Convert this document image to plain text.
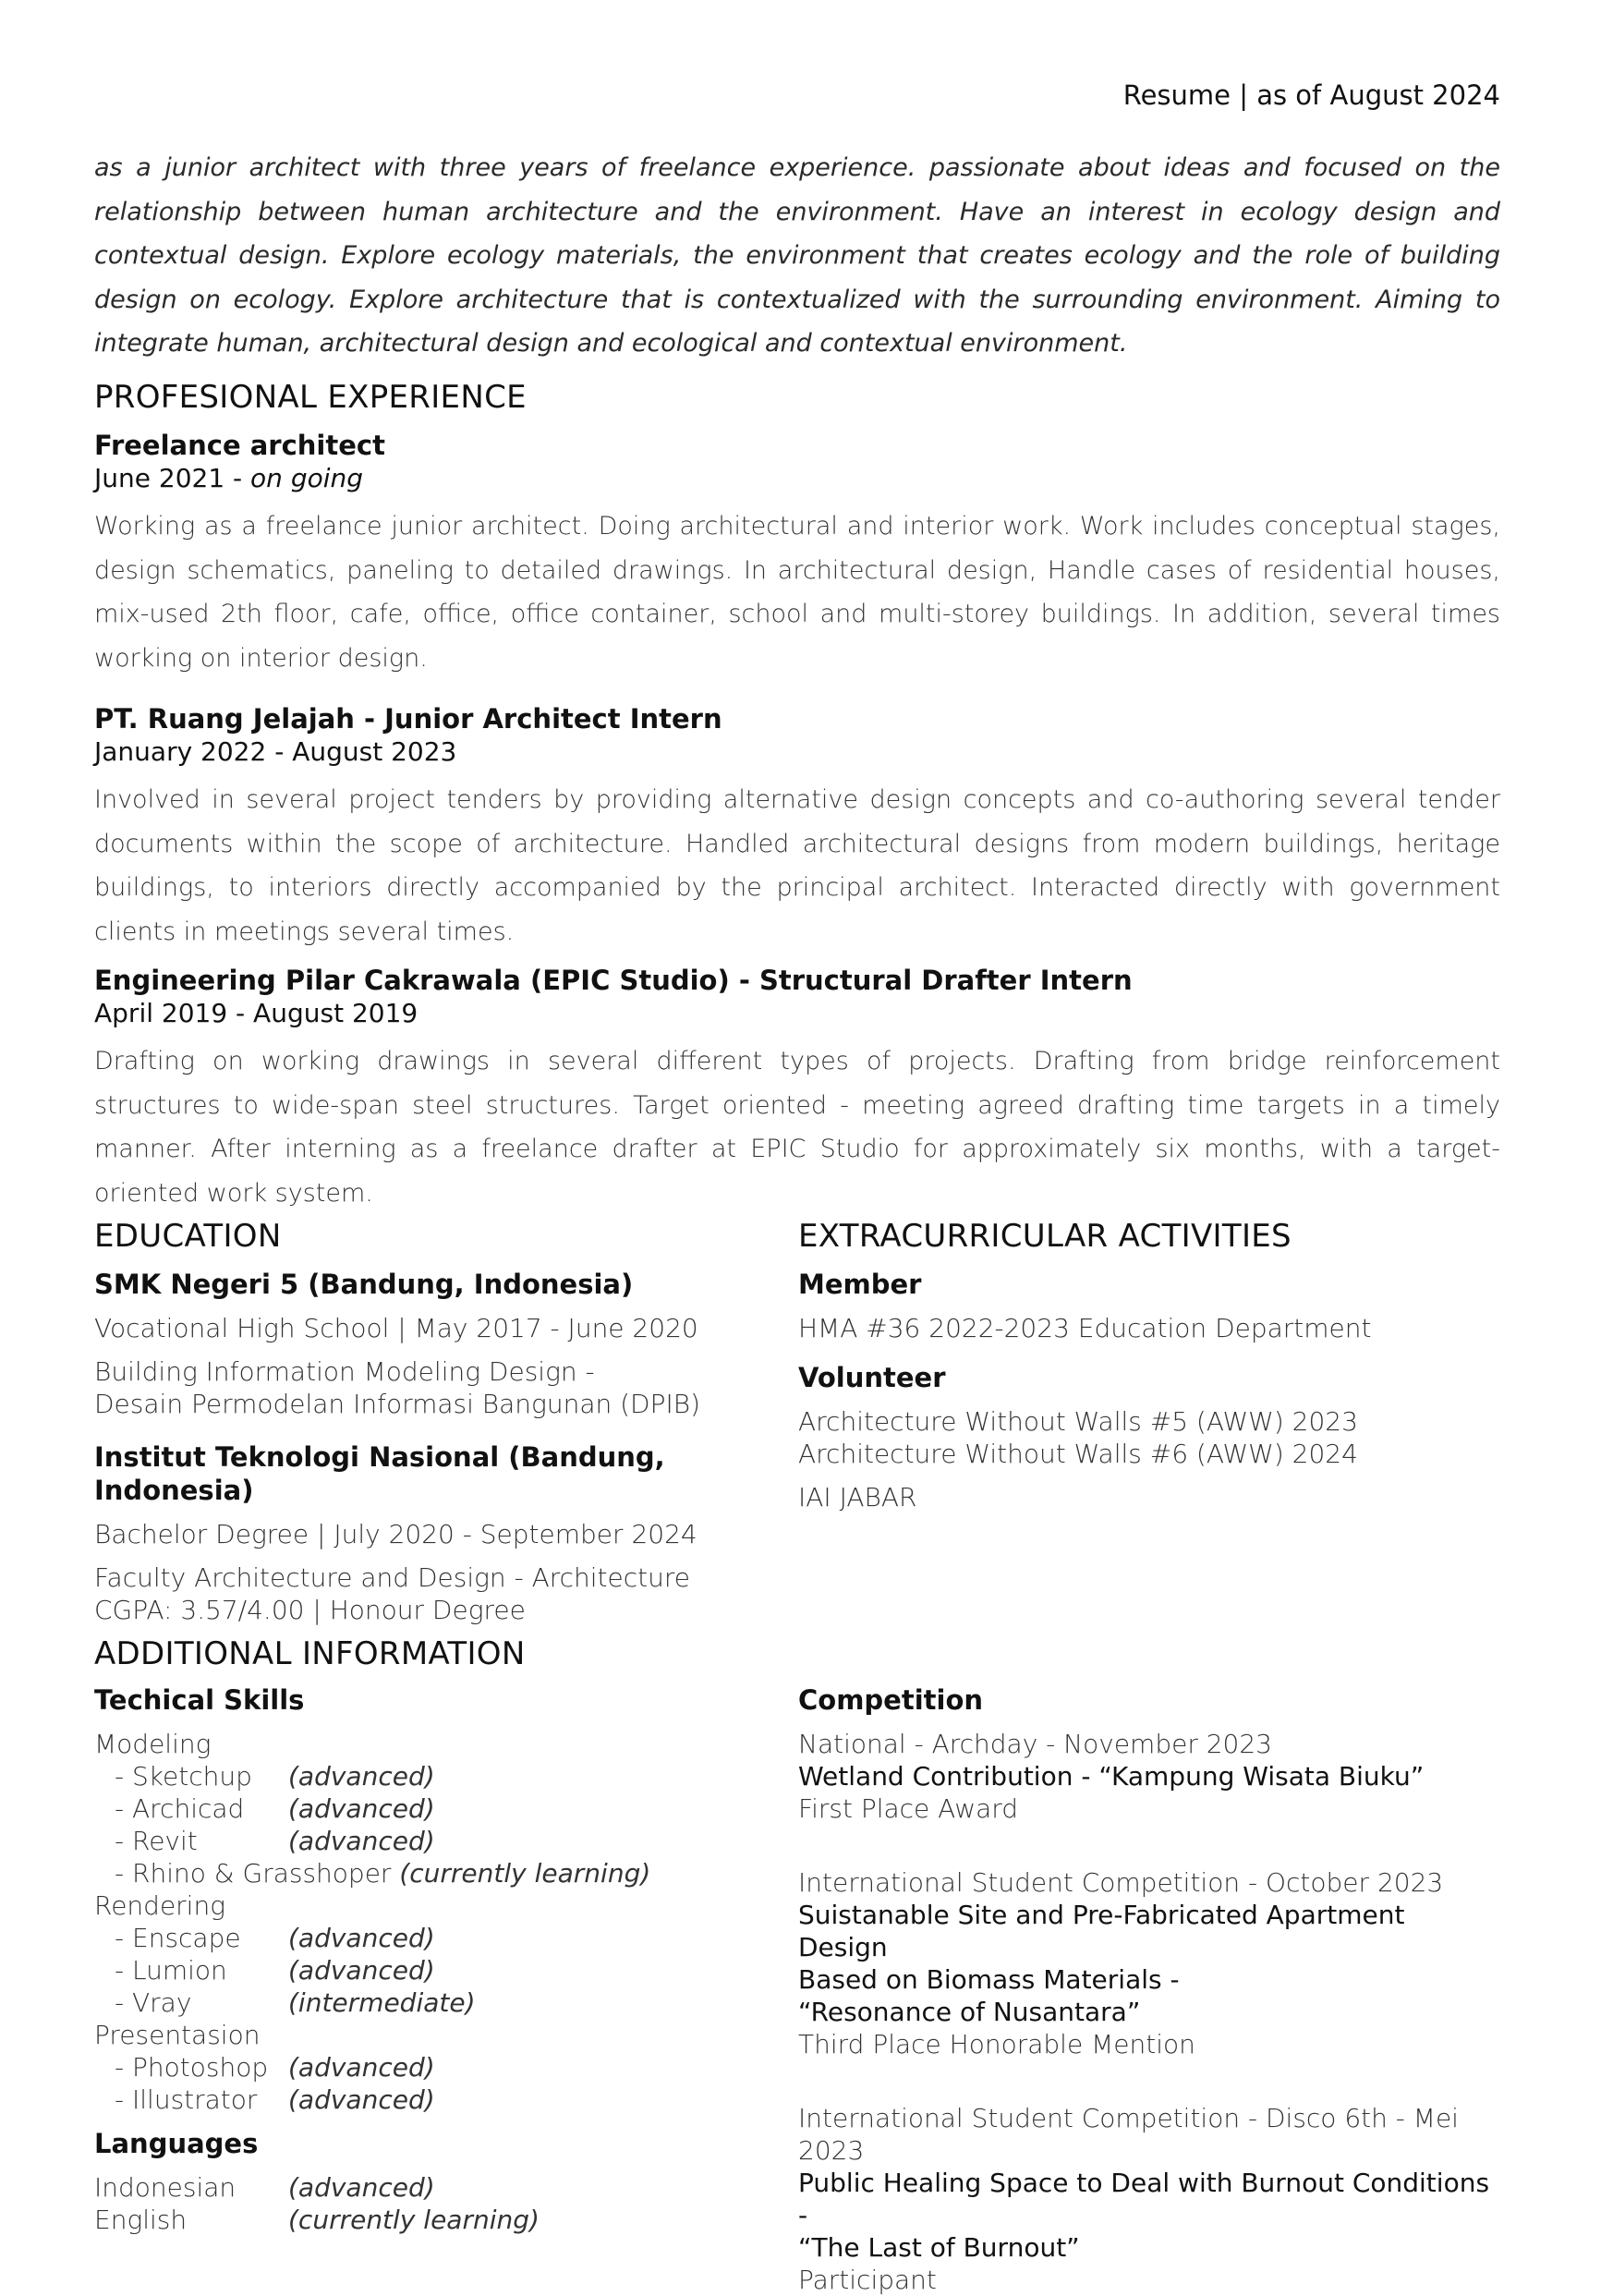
Resume | as of August 2024

as a junior architect with three years of freelance experience. passionate about ideas and focused on the relationship between human architecture and the environment. Have an interest in ecology design and contextual design. Explore ecology materials, the environment that creates ecology and the role of building design on ecology. Explore architecture that is contextualized with the surrounding environment. Aiming to integrate human, architectural design and ecological and contextual environment.

PROFESIONAL EXPERIENCE

Freelance architect

June 2021 - on going

Working as a freelance junior architect. Doing architectural and interior work. Work includes conceptual stages, design schematics, paneling to detailed drawings. In architectural design, Handle cases of residential houses, mix-used 2th floor, cafe, office, office container, school and multi-storey buildings. In addition, several times working on interior design.

PT. Ruang Jelajah - Junior Architect Intern

January 2022 - August 2023

Involved in several project tenders by providing alternative design concepts and co-authoring several tender documents within the scope of architecture. Handled architectural designs from modern buildings, heritage buildings, to interiors directly accompanied by the principal architect. Interacted directly with government clients in meetings several times.

Engineering Pilar Cakrawala (EPIC Studio) - Structural Drafter Intern

April 2019 - August 2019

Drafting on working drawings in several different types of projects. Drafting from bridge reinforcement structures to wide-span steel structures. Target oriented - meeting agreed drafting time targets in a timely manner. After interning as a freelance drafter at EPIC Studio for approximately six months, with a target-oriented work system.

EDUCATION

SMK Negeri 5 (Bandung, Indonesia)

Vocational High School | May 2017 - June 2020

Building Information Modeling Design -

Desain Permodelan Informasi Bangunan (DPIB)

Institut Teknologi Nasional (Bandung, Indonesia)

Bachelor Degree | July 2020 - September 2024

Faculty Architecture and Design - Architecture

CGPA: 3.57/4.00 | Honour Degree

EXTRACURRICULAR ACTIVITIES

Member

HMA #36 2022-2023 Education Department

Volunteer

Architecture Without Walls #5 (AWW) 2023

Architecture Without Walls #6 (AWW) 2024

IAI JABAR

ADDITIONAL INFORMATION

Techical Skills

Modeling

- Sketchup	(advanced)
- Archicad	(advanced)
- Revit	(advanced)
- Rhino & Grasshoper (currently learning)

Rendering

- Enscape	(advanced)
- Lumion	(advanced)
- Vray	(intermediate)

Presentasion

- Photoshop (advanced)
- Illustrator	(advanced)

Languages

Indonesian	(advanced)
English	(currently learning)

Competition

National - Archday - November 2023

Wetland Contribution - “Kampung Wisata Biuku”

First Place Award

International Student Competition - October 2023

Suistanable Site and Pre-Fabricated Apartment Design

Based on Biomass Materials -

“Resonance of Nusantara”

Third Place Honorable Mention

International Student Competition - Disco 6th - Mei 2023

Public Healing Space to Deal with Burnout Conditions -

“The Last of Burnout”

Participant
